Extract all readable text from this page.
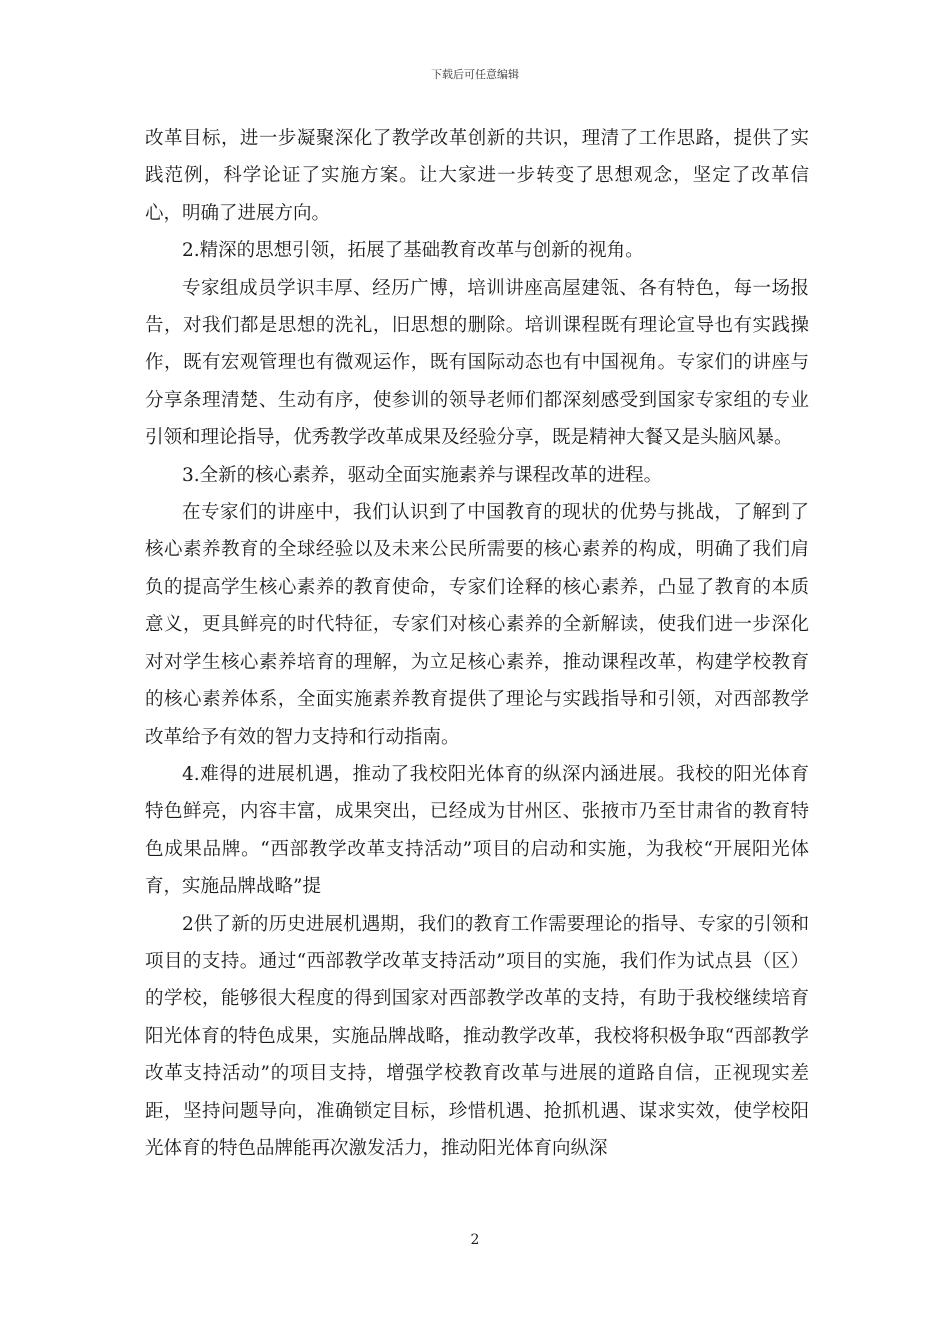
下载后可任意编辑

改革目标，进一步凝聚深化了教学改革创新的共识，理清了工作思路，提供了实践范例，科学论证了实施方案。让大家进一步转变了思想观念，坚定了改革信心，明确了进展方向。

2.精深的思想引领，拓展了基础教育改革与创新的视角。

专家组成员学识丰厚、经历广博，培训讲座高屋建瓴、各有特色，每一场报告，对我们都是思想的洗礼，旧思想的删除。培训课程既有理论宣导也有实践操作，既有宏观管理也有微观运作，既有国际动态也有中国视角。专家们的讲座与分享条理清楚、生动有序，使参训的领导老师们都深刻感受到国家专家组的专业引领和理论指导，优秀教学改革成果及经验分享，既是精神大餐又是头脑风暴。

3.全新的核心素养，驱动全面实施素养与课程改革的进程。

在专家们的讲座中，我们认识到了中国教育的现状的优势与挑战，了解到了核心素养教育的全球经验以及未来公民所需要的核心素养的构成，明确了我们肩负的提高学生核心素养的教育使命，专家们诠释的核心素养，凸显了教育的本质意义，更具鲜亮的时代特征，专家们对核心素养的全新解读，使我们进一步深化对对学生核心素养培育的理解，为立足核心素养，推动课程改革，构建学校教育的核心素养体系，全面实施素养教育提供了理论与实践指导和引领，对西部教学改革给予有效的智力支持和行动指南。

4.难得的进展机遇，推动了我校阳光体育的纵深内涵进展。我校的阳光体育特色鲜亮，内容丰富，成果突出，已经成为甘州区、张掖市乃至甘肃省的教育特色成果品牌。“西部教学改革支持活动”项目的启动和实施，为我校“开展阳光体育，实施品牌战略”提

2供了新的历史进展机遇期，我们的教育工作需要理论的指导、专家的引领和项目的支持。通过“西部教学改革支持活动”项目的实施，我们作为试点县（区）的学校，能够很大程度的得到国家对西部教学改革的支持，有助于我校继续培育阳光体育的特色成果，实施品牌战略，推动教学改革，我校将积极争取“西部教学改革支持活动”的项目支持，增强学校教育改革与进展的道路自信，正视现实差距，坚持问题导向，准确锁定目标，珍惜机遇、抢抓机遇、谋求实效，使学校阳光体育的特色品牌能再次激发活力，推动阳光体育向纵深

2
